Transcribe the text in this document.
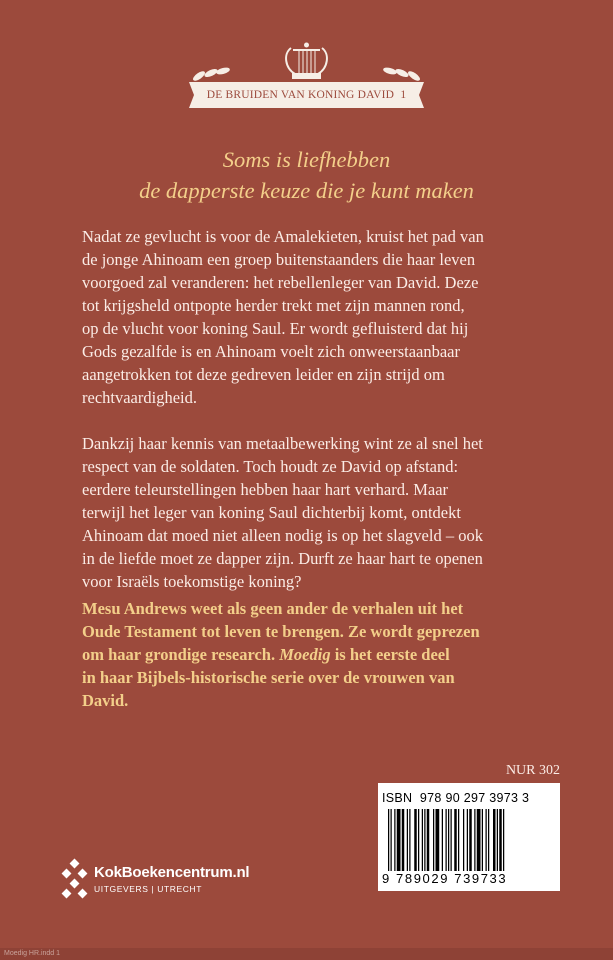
DE BRUIDEN VAN KONING DAVID 1
Soms is liefhebben
de dapperste keuze die je kunt maken

Nadat ze gevlucht is voor de Amalekieten, kruist het pad van
de jonge Ahinoam een groep buitenstaanders die haar leven
voorgoed zal veranderen: het rebellenleger van David. Deze
tot krijgsheld ontpopte herder trekt met zijn mannen rond,
op de vlucht voor koning Saul. Er wordt gefluisterd dat hij
Gods gezalfde is en Ahinoam voelt zich onweerstaanbaar
aangetrokken tot deze gedreven leider en zijn strijd om
rechtvaardigheid.

Dankzij haar kennis van metaalbewerking wint ze al snel het
respect van de soldaten. Toch houdt ze David op afstand:
eerdere teleurstellingen hebben haar hart verhard. Maar
terwijl het leger van koning Saul dichterbij komt, ontdekt
Ahinoam dat moed niet alleen nodig is op het slagveld – ook
in de liefde moet ze dapper zijn. Durft ze haar hart te openen
voor Israëls toekomstige koning?

Mesu Andrews weet als geen ander de verhalen uit het
Oude Testament tot leven te brengen. Ze wordt geprezen
om haar grondige research. Moedig is het eerste deel
in haar Bijbels-historische serie over de vrouwen van
David.
NUR 302
ISBN 978 90 297 3973 3
9 789029 739733
KokBoekencentrum.nl
UITGEVERS | UTRECHT
Moedig HR.indd 1
